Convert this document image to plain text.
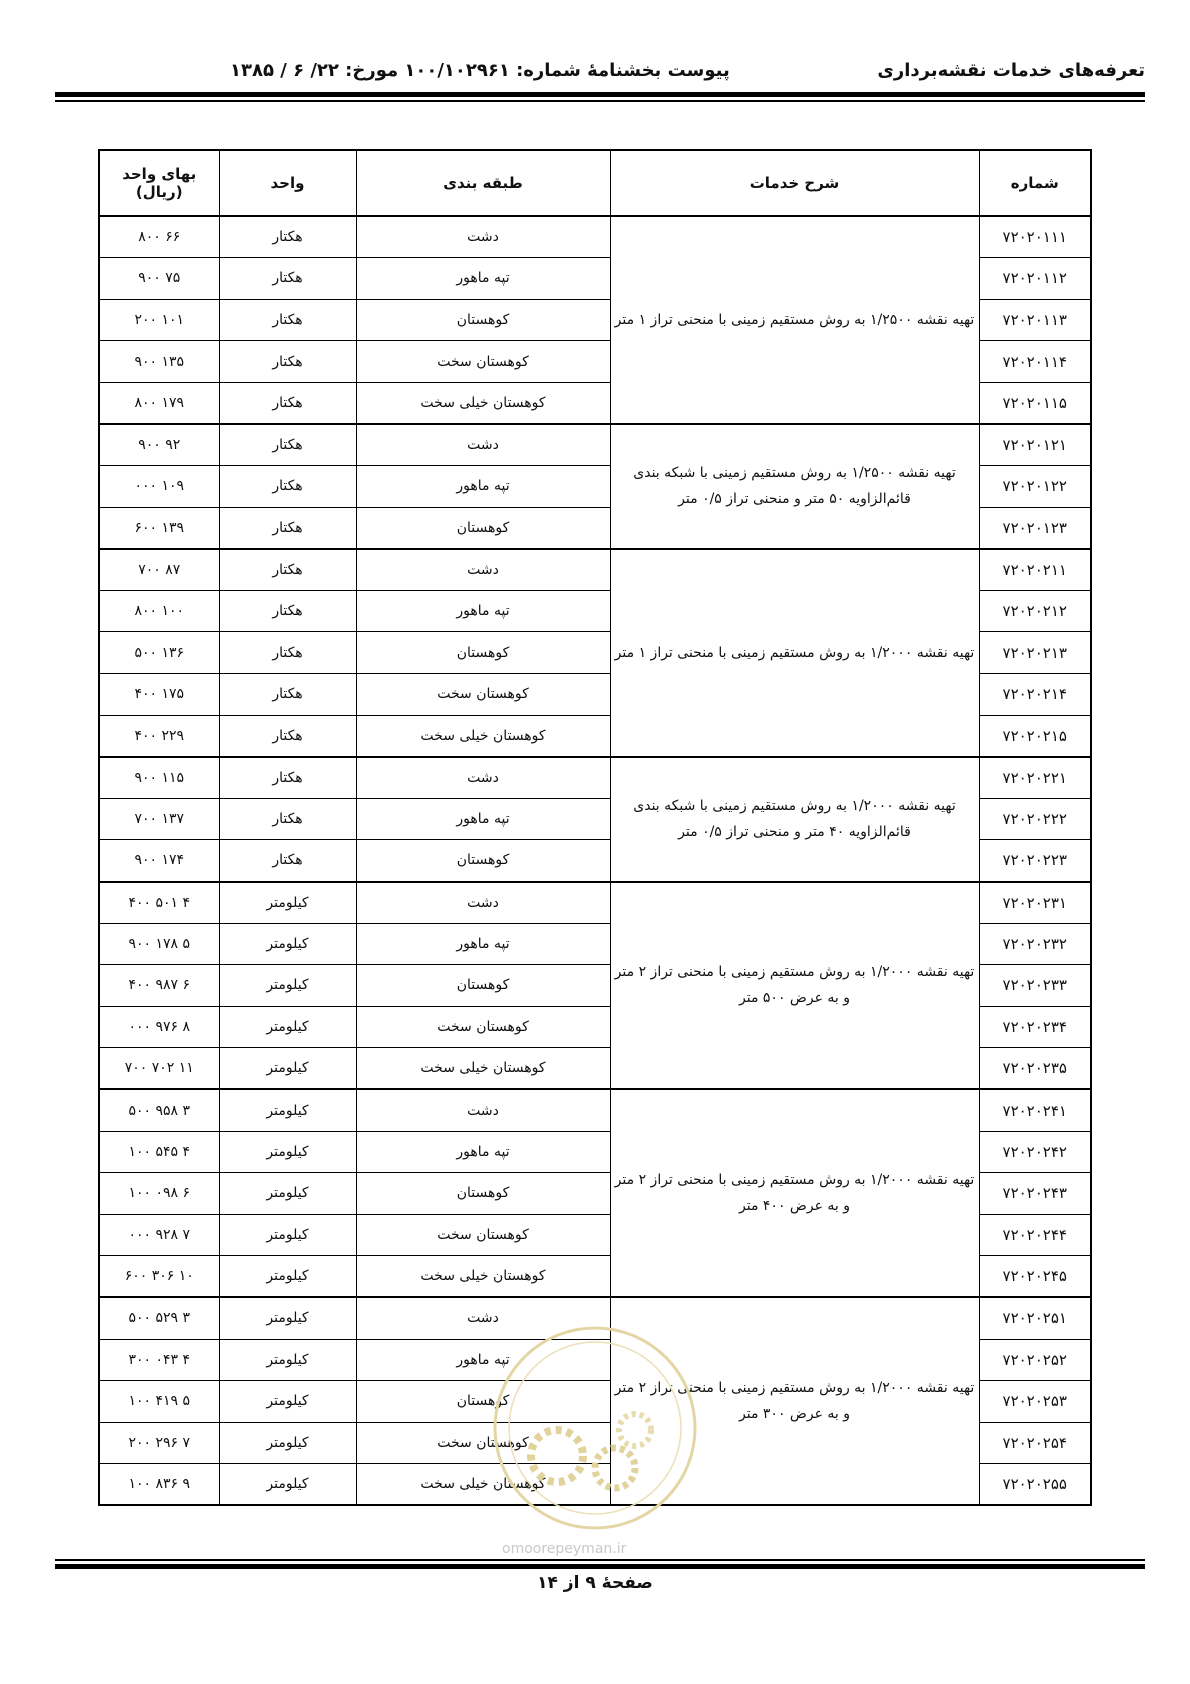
تعرفه‌های خدمات نقشه‌برداری
پیوست بخشنامۀ شماره: ۱۰۰/۱۰۲۹۶۱ مورخ: ۲۲/ ۶ / ۱۳۸۵
بهای واحد
(ریال)	واحد	طبقه بندی	شرح خدمات	شماره
۶۶ ۸۰۰	هکتار	دشت	تهیه نقشه ۱/۲۵۰۰ به روش مستقیم زمینی با منحنی تراز ۱ متر	۷۲۰۲۰۱۱۱
۷۵ ۹۰۰	هکتار	تپه ماهور		۷۲۰۲۰۱۱۲
۱۰۱ ۲۰۰	هکتار	کوهستان		۷۲۰۲۰۱۱۳
۱۳۵ ۹۰۰	هکتار	کوهستان سخت		۷۲۰۲۰۱۱۴
۱۷۹ ۸۰۰	هکتار	کوهستان خیلی سخت		۷۲۰۲۰۱۱۵
۹۲ ۹۰۰	هکتار	دشت	تهیه نقشه ۱/۲۵۰۰ به روش مستقیم زمینی با شبکه بندی قائم‌الزاویه ۵۰ متر و منحنی تراز ۰/۵ متر	۷۲۰۲۰۱۲۱
۱۰۹ ۰۰۰	هکتار	تپه ماهور		۷۲۰۲۰۱۲۲
۱۳۹ ۶۰۰	هکتار	کوهستان		۷۲۰۲۰۱۲۳
۸۷ ۷۰۰	هکتار	دشت	تهیه نقشه ۱/۲۰۰۰ به روش مستقیم زمینی با منحنی تراز ۱ متر	۷۲۰۲۰۲۱۱
۱۰۰ ۸۰۰	هکتار	تپه ماهور		۷۲۰۲۰۲۱۲
۱۳۶ ۵۰۰	هکتار	کوهستان		۷۲۰۲۰۲۱۳
۱۷۵ ۴۰۰	هکتار	کوهستان سخت		۷۲۰۲۰۲۱۴
۲۲۹ ۴۰۰	هکتار	کوهستان خیلی سخت		۷۲۰۲۰۲۱۵
۱۱۵ ۹۰۰	هکتار	دشت	تهیه نقشه ۱/۲۰۰۰ به روش مستقیم زمینی با شبکه بندی قائم‌الزاویه ۴۰ متر و منحنی تراز ۰/۵ متر	۷۲۰۲۰۲۲۱
۱۳۷ ۷۰۰	هکتار	تپه ماهور		۷۲۰۲۰۲۲۲
۱۷۴ ۹۰۰	هکتار	کوهستان		۷۲۰۲۰۲۲۳
۴ ۵۰۱ ۴۰۰	کیلومتر	دشت	تهیه نقشه ۱/۲۰۰۰ به روش مستقیم زمینی با منحنی تراز ۲ متر و به عرض ۵۰۰ متر	۷۲۰۲۰۲۳۱
۵ ۱۷۸ ۹۰۰	کیلومتر	تپه ماهور		۷۲۰۲۰۲۳۲
۶ ۹۸۷ ۴۰۰	کیلومتر	کوهستان		۷۲۰۲۰۲۳۳
۸ ۹۷۶ ۰۰۰	کیلومتر	کوهستان سخت		۷۲۰۲۰۲۳۴
۱۱ ۷۰۲ ۷۰۰	کیلومتر	کوهستان خیلی سخت		۷۲۰۲۰۲۳۵
۳ ۹۵۸ ۵۰۰	کیلومتر	دشت	تهیه نقشه ۱/۲۰۰۰ به روش مستقیم زمینی با منحنی تراز ۲ متر و به عرض ۴۰۰ متر	۷۲۰۲۰۲۴۱
۴ ۵۴۵ ۱۰۰	کیلومتر	تپه ماهور		۷۲۰۲۰۲۴۲
۶ ۰۹۸ ۱۰۰	کیلومتر	کوهستان		۷۲۰۲۰۲۴۳
۷ ۹۲۸ ۰۰۰	کیلومتر	کوهستان سخت		۷۲۰۲۰۲۴۴
۱۰ ۳۰۶ ۶۰۰	کیلومتر	کوهستان خیلی سخت		۷۲۰۲۰۲۴۵
۳ ۵۲۹ ۵۰۰	کیلومتر	دشت	تهیه نقشه ۱/۲۰۰۰ به روش مستقیم زمینی با منحنی تراز ۲ متر و به عرض ۳۰۰ متر	۷۲۰۲۰۲۵۱
۴ ۰۴۳ ۳۰۰	کیلومتر	تپه ماهور		۷۲۰۲۰۲۵۲
۵ ۴۱۹ ۱۰۰	کیلومتر	کوهستان		۷۲۰۲۰۲۵۳
۷ ۲۹۶ ۲۰۰	کیلومتر	کوهستان سخت		۷۲۰۲۰۲۵۴
۹ ۸۳۶ ۱۰۰	کیلومتر	کوهستان خیلی سخت		۷۲۰۲۰۲۵۵
omoorepeyman.ir
صفحۀ ۹ از ۱۴
